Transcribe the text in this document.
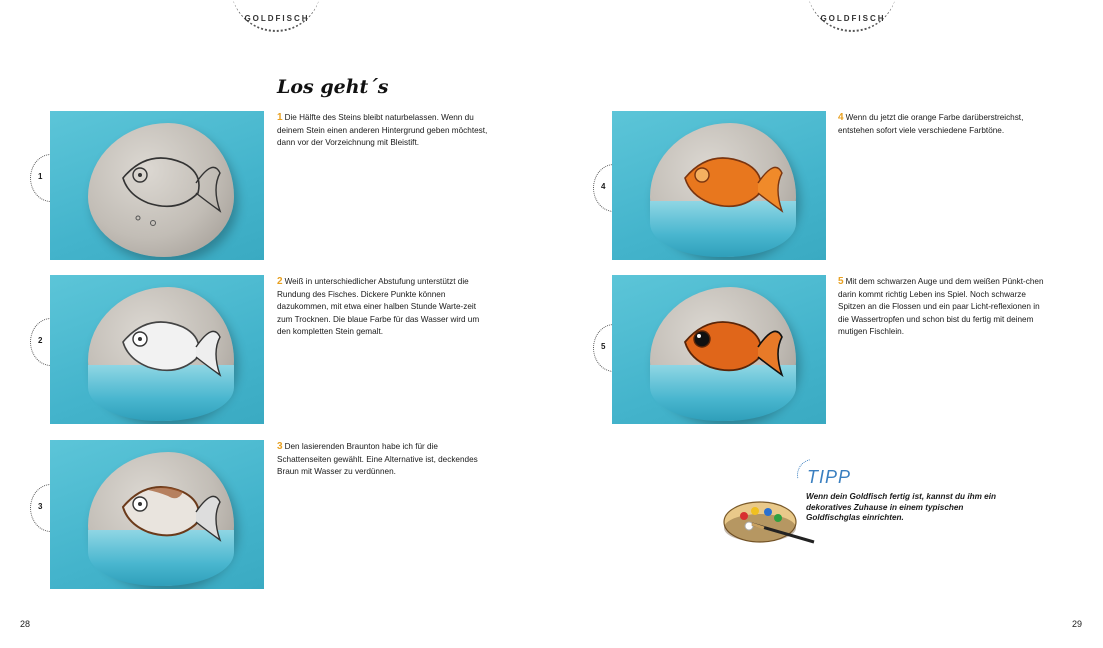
GOLDFISCH
Los geht´s
1
1 Die Hälfte des Steins bleibt naturbelassen. Wenn du deinem Stein einen anderen Hintergrund geben möchtest, dann vor der Vorzeichnung mit Bleistift.
2
2 Weiß in unterschiedlicher Abstufung unterstützt die Rundung des Fisches. Dickere Punkte können dazukommen, mit etwa einer halben Stunde Warte-zeit zum Trocknen. Die blaue Farbe für das Wasser wird um den kompletten Stein gemalt.
3
3 Den lasierenden Braunton habe ich für die Schattenseiten gewählt. Eine Alternative ist, deckendes Braun mit Wasser zu verdünnen.
28
GOLDFISCH
4
4 Wenn du jetzt die orange Farbe darüberstreichst, entstehen sofort viele verschiedene Farbtöne.
5
5 Mit dem schwarzen Auge und dem weißen Pünkt-chen darin kommt richtig Leben ins Spiel. Noch schwarze Spitzen an die Flossen und ein paar Licht-reflexionen in die Wassertropfen und schon bist du fertig mit deinem mutigen Fischlein.
TIPP
Wenn dein Goldfisch fertig ist, kannst du ihm ein dekoratives Zuhause in einem typischen Goldfischglas einrichten.
29
